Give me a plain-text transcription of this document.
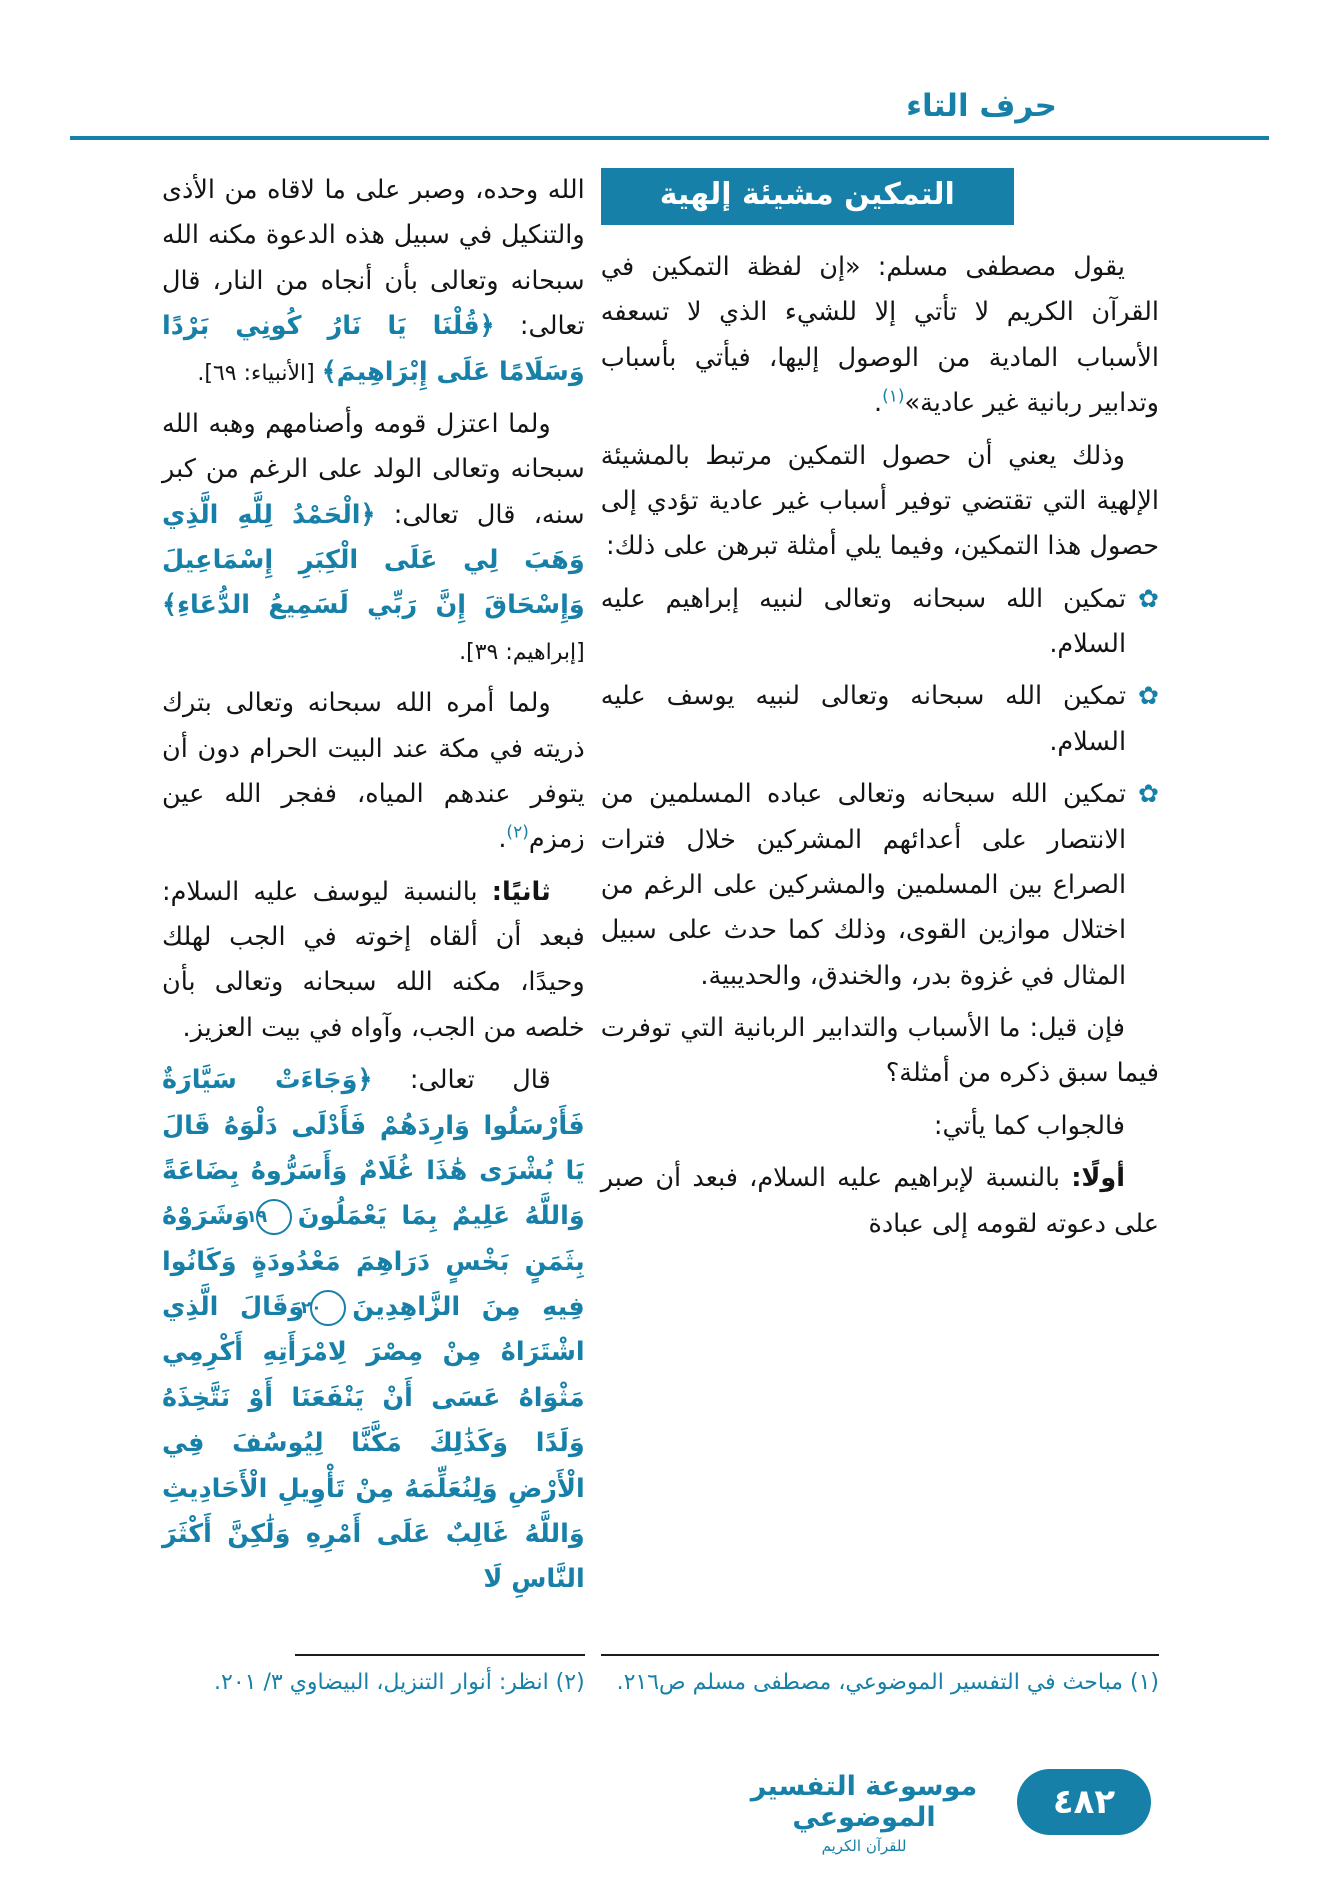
حرف التاء
التمكين مشيئة إلهية

يقول مصطفى مسلم: «إن لفظة التمكين في القرآن الكريم لا تأتي إلا للشيء الذي لا تسعفه الأسباب المادية من الوصول إليها، فيأتي بأسباب وتدابير ربانية غير عادية»$^{(١)}$.

وذلك يعني أن حصول التمكين مرتبط بالمشيئة الإلهية التي تقتضي توفير أسباب غير عادية تؤدي إلى حصول هذا التمكين، وفيما يلي أمثلة تبرهن على ذلك:

✿

تمكين الله سبحانه وتعالى لنبيه إبراهيم عليه السلام.

✿

تمكين الله سبحانه وتعالى لنبيه يوسف عليه السلام.

✿

تمكين الله سبحانه وتعالى عباده المسلمين من الانتصار على أعدائهم المشركين خلال فترات الصراع بين المسلمين والمشركين على الرغم من اختلال موازين القوى، وذلك كما حدث على سبيل المثال في غزوة بدر، والخندق، والحديبية.

فإن قيل: ما الأسباب والتدابير الربانية التي توفرت فيما سبق ذكره من أمثلة؟

فالجواب كما يأتي:

أولًا: بالنسبة لإبراهيم عليه السلام، فبعد أن صبر على دعوته لقومه إلى عبادة

(١) مباحث في التفسير الموضوعي، مصطفى مسلم ص٢١٦.

الله وحده، وصبر على ما لاقاه من الأذى والتنكيل في سبيل هذه الدعوة مكنه الله سبحانه وتعالى بأن أنجاه من النار، قال تعالى: ﴿قُلْنَا يَا نَارُ كُونِي بَرْدًا وَسَلَامًا عَلَى إِبْرَاهِيمَ﴾ [الأنبياء: ٦٩].

ولما اعتزل قومه وأصنامهم وهبه الله سبحانه وتعالى الولد على الرغم من كبر سنه، قال تعالى: ﴿الْحَمْدُ لِلَّهِ الَّذِي وَهَبَ لِي عَلَى الْكِبَرِ إِسْمَاعِيلَ وَإِسْحَاقَ إِنَّ رَبِّي لَسَمِيعُ الدُّعَاءِ﴾ [إبراهيم: ٣٩].

ولما أمره الله سبحانه وتعالى بترك ذريته في مكة عند البيت الحرام دون أن يتوفر عندهم المياه، ففجر الله عين زمزم$^{(٢)}$.

ثانيًا: بالنسبة ليوسف عليه السلام: فبعد أن ألقاه إخوته في الجب لهلك وحيدًا، مكنه الله سبحانه وتعالى بأن خلصه من الجب، وآواه في بيت العزيز.

قال تعالى: ﴿وَجَاءَتْ سَيَّارَةٌ فَأَرْسَلُوا وَارِدَهُمْ فَأَدْلَى دَلْوَهُ قَالَ يَا بُشْرَى هَٰذَا غُلَامٌ وَأَسَرُّوهُ بِضَاعَةً وَاللَّهُ عَلِيمٌ بِمَا يَعْمَلُونَ١٩وَشَرَوْهُ بِثَمَنٍ بَخْسٍ دَرَاهِمَ مَعْدُودَةٍ وَكَانُوا فِيهِ مِنَ الزَّاهِدِينَ٢٠وَقَالَ الَّذِي اشْتَرَاهُ مِنْ مِصْرَ لِامْرَأَتِهِ أَكْرِمِي مَثْوَاهُ عَسَى أَنْ يَنْفَعَنَا أَوْ نَتَّخِذَهُ وَلَدًا وَكَذَٰلِكَ مَكَّنَّا لِيُوسُفَ فِي الْأَرْضِ وَلِنُعَلِّمَهُ مِنْ تَأْوِيلِ الْأَحَادِيثِ وَاللَّهُ غَالِبٌ عَلَى أَمْرِهِ وَلَٰكِنَّ أَكْثَرَ النَّاسِ لَا

(٢) انظر: أنوار التنزيل، البيضاوي ٣/ ٢٠١.

موسوعة التفسير الموضوعي
للقرآن الكريم
٤٨٢
